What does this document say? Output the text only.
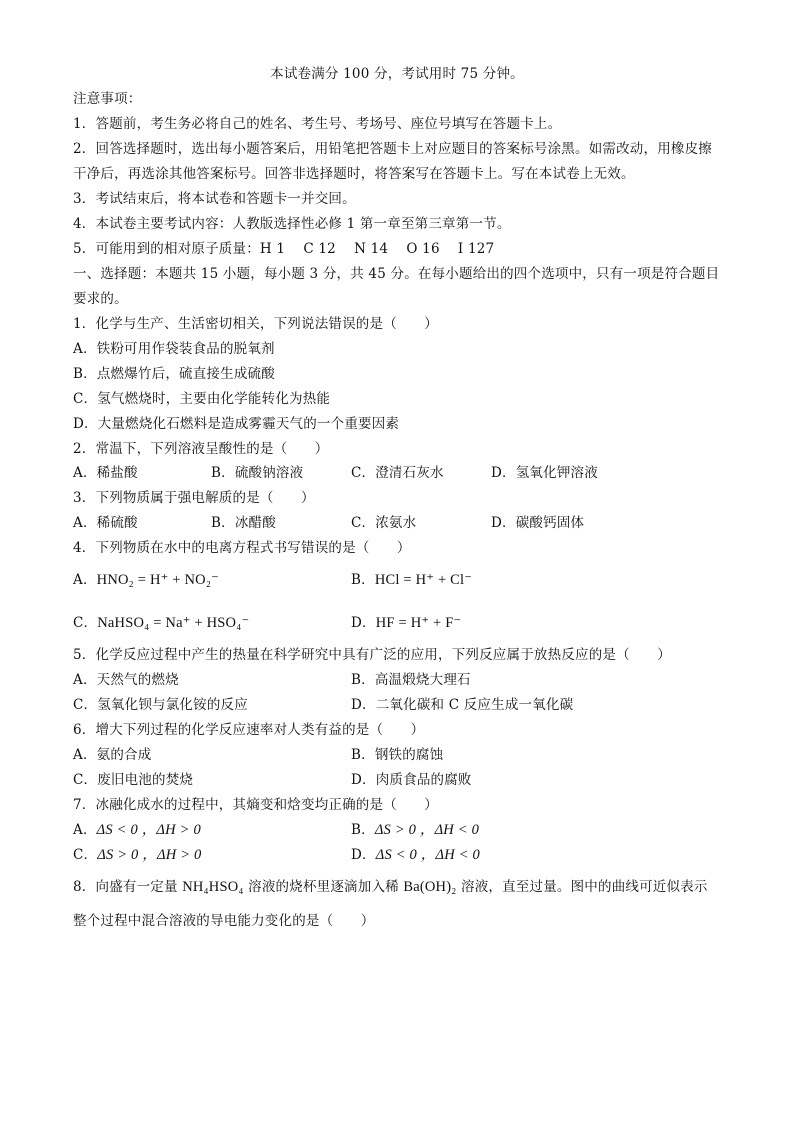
本试卷满分 100 分，考试用时 75 分钟。
注意事项：
1．答题前，考生务必将自己的姓名、考生号、考场号、座位号填写在答题卡上。
2．回答选择题时，选出每小题答案后，用铅笔把答题卡上对应题目的答案标号涂黑。如需改动，用橡皮擦
干净后，再选涂其他答案标号。回答非选择题时，将答案写在答题卡上。写在本试卷上无效。
3．考试结束后，将本试卷和答题卡一并交回。
4．本试卷主要考试内容：人教版选择性必修 1 第一章至第三章第一节。
5．可能用到的相对原子质量：H 1　 C 12　 N 14　 O 16　 I 127
一、选择题：本题共 15 小题，每小题 3 分，共 45 分。在每小题给出的四个选项中，只有一项是符合题目
要求的。
1．化学与生产、生活密切相关，下列说法错误的是（　　）
A．铁粉可用作袋装食品的脱氧剂
B．点燃爆竹后，硫直接生成硫酸
C．氢气燃烧时，主要由化学能转化为热能
D．大量燃烧化石燃料是造成雾霾天气的一个重要因素
2．常温下，下列溶液呈酸性的是（　　）
A．稀盐酸	B．硫酸钠溶液	C．澄清石灰水	D．氢氧化钾溶液
3．下列物质属于强电解质的是（　　）
A．稀硫酸	B．冰醋酸	C．浓氨水	D．碳酸钙固体
4．下列物质在水中的电离方程式书写错误的是（　　）
A．HNO₂ = H⁺ + NO₂⁻	B．HCl = H⁺ + Cl⁻
C．NaHSO₄ = Na⁺ + HSO₄⁻	D．HF = H⁺ + F⁻
5．化学反应过程中产生的热量在科学研究中具有广泛的应用，下列反应属于放热反应的是（　　）
A．天然气的燃烧	B．高温煅烧大理石
C．氢氧化钡与氯化铵的反应	D．二氧化碳和 C 反应生成一氧化碳
6．增大下列过程的化学反应速率对人类有益的是（　　）
A．氨的合成	B．钢铁的腐蚀
C．废旧电池的焚烧	D．肉质食品的腐败
7．冰融化成水的过程中，其熵变和焓变均正确的是（　　）
A．ΔS < 0 ，ΔH > 0	B．ΔS > 0 ，ΔH < 0
C．ΔS > 0 ，ΔH > 0	D．ΔS < 0 ，ΔH < 0
8．向盛有一定量 NH₄HSO₄ 溶液的烧杯里逐滴加入稀 Ba(OH)₂ 溶液，直至过量。图中的曲线可近似表示
整个过程中混合溶液的导电能力变化的是（　　）
